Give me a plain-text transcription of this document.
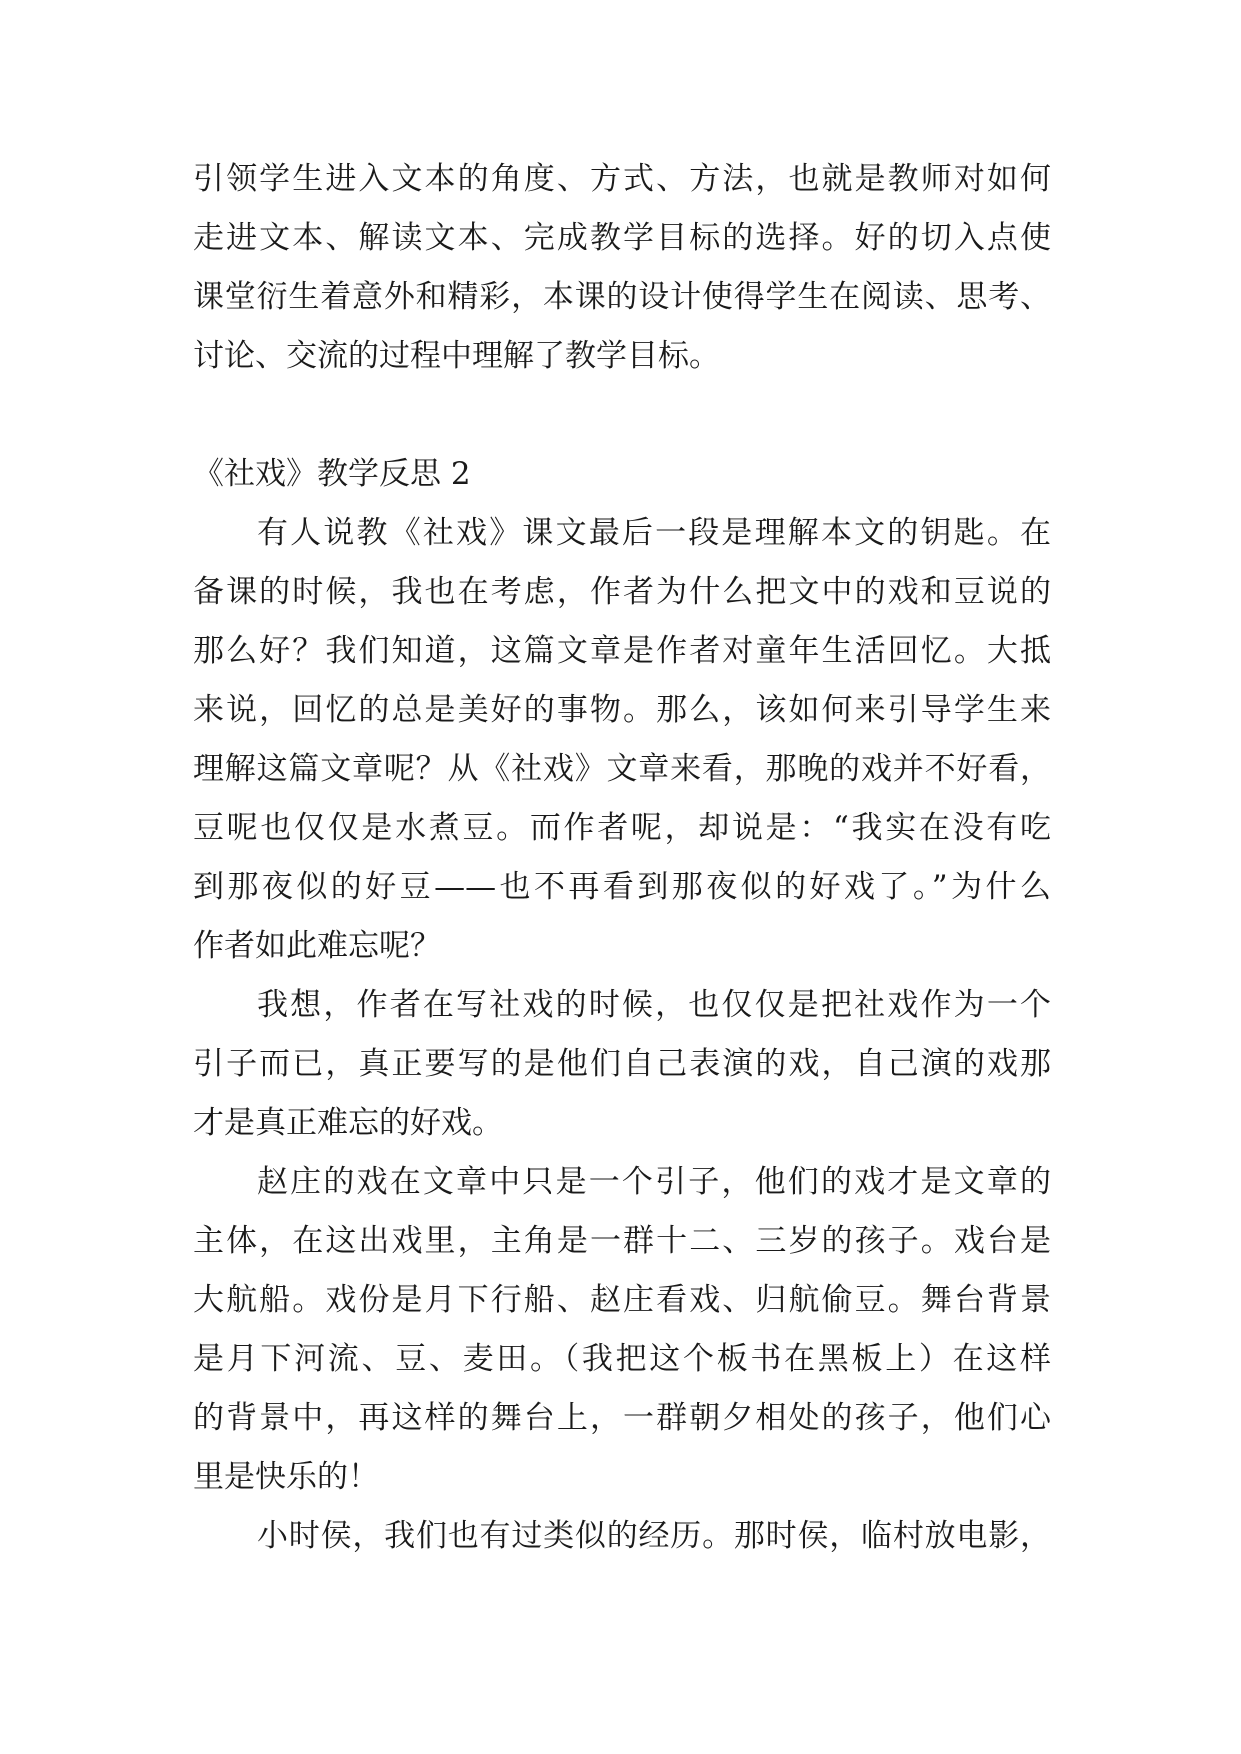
引领学生进入文本的角度、方式、方法，也就是教师对如何
走进文本、解读文本、完成教学目标的选择。好的切入点使
课堂衍生着意外和精彩，本课的设计使得学生在阅读、思考、
讨论、交流的过程中理解了教学目标。
《社戏》教学反思 2
有人说教《社戏》课文最后一段是理解本文的钥匙。在
备课的时候，我也在考虑，作者为什么把文中的戏和豆说的
那么好？我们知道，这篇文章是作者对童年生活回忆。大抵
来说，回忆的总是美好的事物。那么，该如何来引导学生来
理解这篇文章呢？从《社戏》文章来看，那晚的戏并不好看，
豆呢也仅仅是水煮豆。而作者呢，却说是：“我实在没有吃
到那夜似的好豆——也不再看到那夜似的好戏了。”为什么
作者如此难忘呢？
我想，作者在写社戏的时候，也仅仅是把社戏作为一个
引子而已，真正要写的是他们自己表演的戏，自己演的戏那
才是真正难忘的好戏。
赵庄的戏在文章中只是一个引子，他们的戏才是文章的
主体，在这出戏里，主角是一群十二、三岁的孩子。戏台是
大航船。戏份是月下行船、赵庄看戏、归航偷豆。舞台背景
是月下河流、豆、麦田。（我把这个板书在黑板上）在这样
的背景中，再这样的舞台上，一群朝夕相处的孩子，他们心
里是快乐的！
小时侯，我们也有过类似的经历。那时侯，临村放电影，
